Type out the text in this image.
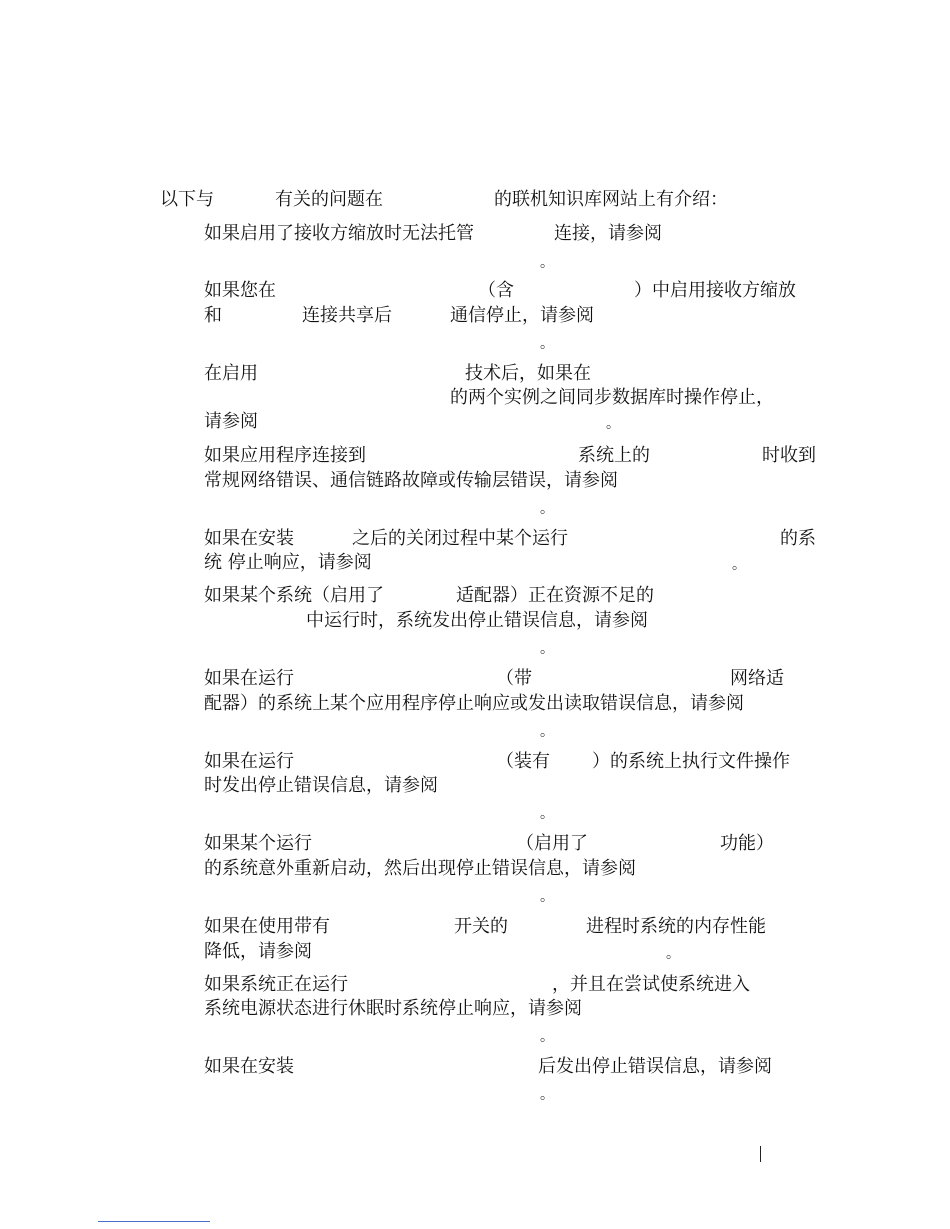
以下与	有关的问题在	的联机知识库网站上有介绍：
如果启用了接收方缩放时无法托管	连接，请参阅
。
如果您在	（含	）中启用接收方缩放
和	连接共享后	通信停止，请参阅
。
在启用	技术后，如果在
的两个实例之间同步数据库时操作停止，
请参阅	。
如果应用程序连接到	系统上的	时收到
常规网络错误、通信链路故障或传输层错误，请参阅
。
如果在安装	之后的关闭过程中某个运行	的系
统 停止响应，请参阅	。
如果某个系统（启用了	适配器）正在资源不足的
中运行时，系统发出停止错误信息，请参阅
。
如果在运行	（带	网络适
配器）的系统上某个应用程序停止响应或发出读取错误信息，请参阅
。
如果在运行	（装有 ）的系统上执行文件操作
时发出停止错误信息，请参阅
。
如果某个运行	（启用了	功能）
的系统意外重新启动，然后出现停止错误信息，请参阅
。
如果在使用带有	开关的	进程时系统的内存性能
降低，请参阅	。
如果系统正在运行	，并且在尝试使系统进入
系统电源状态进行休眠时系统停止响应，请参阅
。
如果在安装	后发出停止错误信息，请参阅
。
